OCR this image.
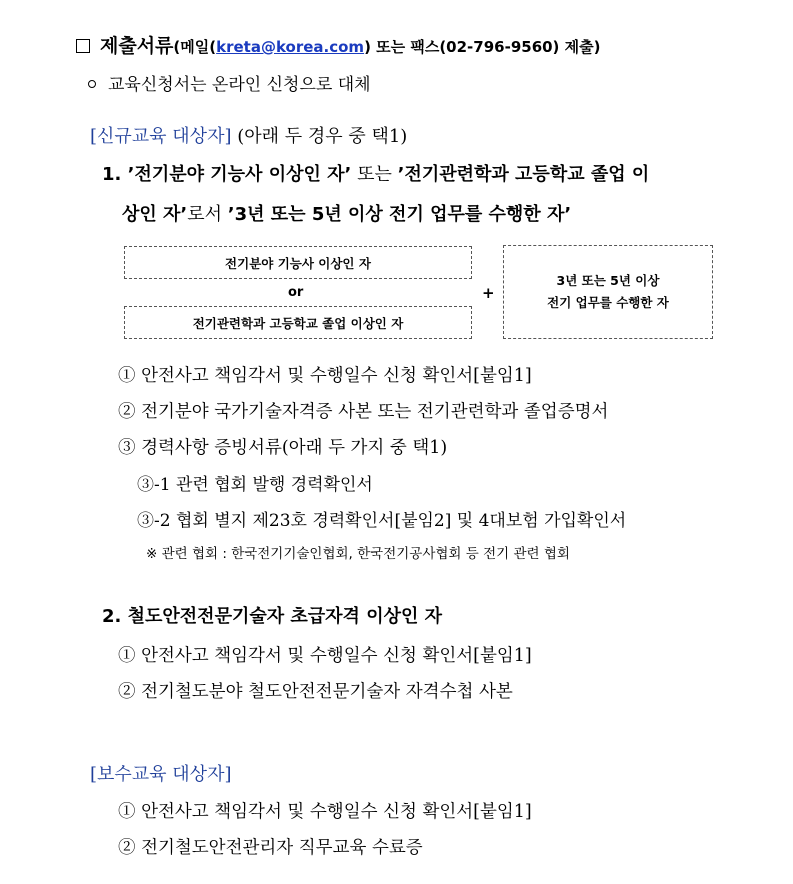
제출서류(메일(kreta@korea.com) 또는 팩스(02-796-9560) 제출)
교육신청서는 온라인 신청으로 대체
[신규교육 대상자] (아래 두 경우 중 택1)
1. ’전기분야 기능사 이상인 자’ 또는 ’전기관련학과 고등학교 졸업 이
상인 자’로서 ’3년 또는 5년 이상 전기 업무를 수행한 자’
전기분야 기능사 이상인 자
or
전기관련학과 고등학교 졸업 이상인 자
+
3년 또는 5년 이상
전기 업무를 수행한 자
① 안전사고 책임각서 및 수행일수 신청 확인서[붙임1]
② 전기분야 국가기술자격증 사본 또는 전기관련학과 졸업증명서
③ 경력사항 증빙서류(아래 두 가지 중 택1)
③-1 관련 협회 발행 경력확인서
③-2 협회 별지 제23호 경력확인서[붙임2] 및 4대보험 가입확인서
※ 관련 협회 : 한국전기기술인협회, 한국전기공사협회 등 전기 관련 협회
2. 철도안전전문기술자 초급자격 이상인 자
① 안전사고 책임각서 및 수행일수 신청 확인서[붙임1]
② 전기철도분야 철도안전전문기술자 자격수첩 사본
[보수교육 대상자]
① 안전사고 책임각서 및 수행일수 신청 확인서[붙임1]
② 전기철도안전관리자 직무교육 수료증
